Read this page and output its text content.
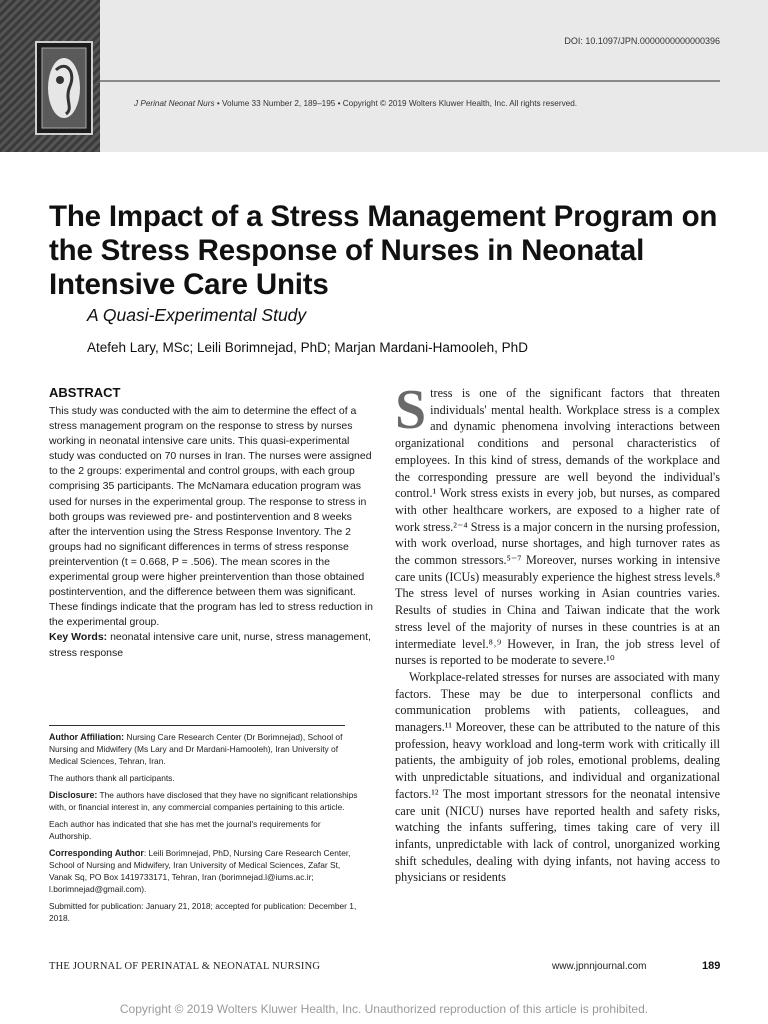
DOI: 10.1097/JPN.0000000000000396
J Perinat Neonat Nurs • Volume 33 Number 2, 189–195 • Copyright © 2019 Wolters Kluwer Health, Inc. All rights reserved.
The Impact of a Stress Management Program on the Stress Response of Nurses in Neonatal Intensive Care Units

A Quasi-Experimental Study

Atefeh Lary, MSc; Leili Borimnejad, PhD; Marjan Mardani-Hamooleh, PhD

ABSTRACT

This study was conducted with the aim to determine the effect of a stress management program on the response to stress by nurses working in neonatal intensive care units. This quasi-experimental study was conducted on 70 nurses in Iran. The nurses were assigned to the 2 groups: experimental and control groups, with each group comprising 35 participants. The McNamara education program was used for nurses in the experimental group. The response to stress in both groups was reviewed pre- and postintervention and 8 weeks after the intervention using the Stress Response Inventory. The 2 groups had no significant differences in terms of stress response preintervention (t = 0.668, P = .506). The mean scores in the experimental group were higher preintervention than those obtained postintervention, and the difference between them was significant. These findings indicate that the program has led to stress reduction in the experimental group.

Key Words: neonatal intensive care unit, nurse, stress management, stress response

Author Affiliation: Nursing Care Research Center (Dr Borimnejad), School of Nursing and Midwifery (Ms Lary and Dr Mardani-Hamooleh), Iran University of Medical Sciences, Tehran, Iran.

The authors thank all participants.

Disclosure: The authors have disclosed that they have no significant relationships with, or financial interest in, any commercial companies pertaining to this article.

Each author has indicated that she has met the journal's requirements for Authorship.

Corresponding Author: Leili Borimnejad, PhD, Nursing Care Research Center, School of Nursing and Midwifery, Iran University of Medical Sciences, Zafar St, Vanak Sq, PO Box 1419733171, Tehran, Iran (borimnejad.l@iums.ac.ir; l.borimnejad@gmail.com).

Submitted for publication: January 21, 2018; accepted for publication: December 1, 2018.

Stress is one of the significant factors that threaten individuals' mental health. Workplace stress is a complex and dynamic phenomena involving interactions between organizational conditions and personal characteristics of employees. In this kind of stress, demands of the workplace and the corresponding pressure are well beyond the individual's control.¹ Work stress exists in every job, but nurses, as compared with other healthcare workers, are exposed to a higher rate of work stress.²⁻⁴ Stress is a major concern in the nursing profession, with work overload, nurse shortages, and high turnover rates as the common stressors.⁵⁻⁷ Moreover, nurses working in intensive care units (ICUs) measurably experience the highest stress levels.⁸ The stress level of nurses working in Asian countries varies. Results of studies in China and Taiwan indicate that the work stress level of the majority of nurses in these countries is at an intermediate level.⁸˒⁹ However, in Iran, the job stress level of nurses is reported to be moderate to severe.¹⁰

Workplace-related stresses for nurses are associated with many factors. These may be due to interpersonal conflicts and communication problems with patients, colleagues, and managers.¹¹ Moreover, these can be attributed to the nature of this profession, heavy workload and long-term work with critically ill patients, the ambiguity of job roles, emotional problems, dealing with unpredictable situations, and individual and organizational factors.¹² The most important stressors for the neonatal intensive care unit (NICU) nurses have reported health and safety risks, watching the infants suffering, times taking care of very ill infants, unpredictable with lack of control, unorganized working shift schedules, dealing with dying infants, not having access to physicians or residents

THE JOURNAL OF PERINATAL & NEONATAL NURSING	www.jpnnjournal.com	189
Copyright © 2019 Wolters Kluwer Health, Inc. Unauthorized reproduction of this article is prohibited.
